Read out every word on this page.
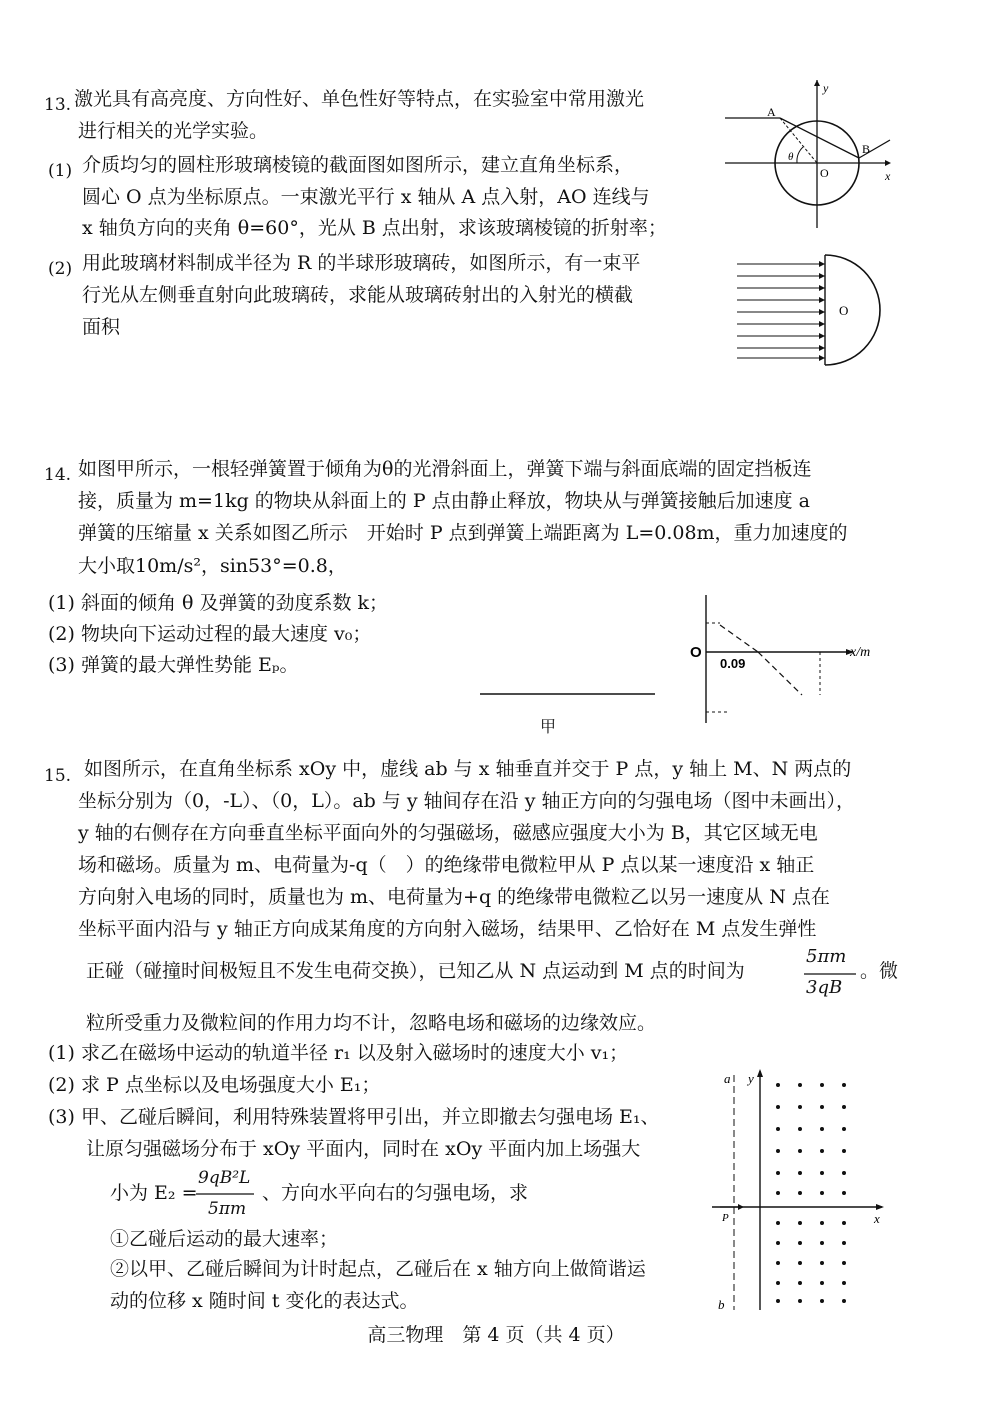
13. 激光具有高亮度、方向性好、单色性好等特点，在实验室中常用激光
进行相关的光学实验。
(1) 介质均匀的圆柱形玻璃棱镜的截面图如图所示，建立直角坐标系，
圆心 O 点为坐标原点。一束激光平行 x 轴从 A 点入射，AO 连线与
x 轴负方向的夹角 θ=60°，光从 B 点出射，求该玻璃棱镜的折射率；
(2) 用此玻璃材料制成半径为 R 的半球形玻璃砖，如图所示，有一束平
行光从左侧垂直射向此玻璃砖，求能从玻璃砖射出的入射光的横截
面积
A
B
O	x
y
θ
O
14. 如图甲所示，一根轻弹簧置于倾角为θ的光滑斜面上，弹簧下端与斜面底端的固定挡板连
接，质量为 m=1kg 的物块从斜面上的 P 点由静止释放，物块从与弹簧接触后加速度 a
弹簧的压缩量 x 关系如图乙所示　开始时 P 点到弹簧上端距离为 L=0.08m，重力加速度的
大小取10m/s²，sin53°=0.8，
(1) 斜面的倾角 θ 及弹簧的劲度系数 k；
(2) 物块向下运动过程的最大速度 v₀；
(3) 弹簧的最大弹性势能 Eₚ。
甲
O
0.09
x/m
15. 如图所示，在直角坐标系 xOy 中，虚线 ab 与 x 轴垂直并交于 P 点，y 轴上 M、N 两点的
坐标分别为（0，-L）、（0，L）。ab 与 y 轴间存在沿 y 轴正方向的匀强电场（图中未画出），
y 轴的右侧存在方向垂直坐标平面向外的匀强磁场，磁感应强度大小为 B，其它区域无电
场和磁场。质量为 m、电荷量为-q（　）的绝缘带电微粒甲从 P 点以某一速度沿 x 轴正
方向射入电场的同时，质量也为 m、电荷量为+q 的绝缘带电微粒乙以另一速度从 N 点在
坐标平面内沿与 y 轴正方向成某角度的方向射入磁场，结果甲、乙恰好在 M 点发生弹性
正碰（碰撞时间极短且不发生电荷交换），已知乙从 N 点运动到 M 点的时间为
5πm
3qB
。微
粒所受重力及微粒间的作用力均不计，忽略电场和磁场的边缘效应。
(1) 求乙在磁场中运动的轨道半径 r₁ 以及射入磁场时的速度大小 v₁；
(2) 求 P 点坐标以及电场强度大小 E₁；
(3) 甲、乙碰后瞬间，利用特殊装置将甲引出，并立即撤去匀强电场 E₁、
让原匀强磁场分布于 xOy 平面内，同时在 xOy 平面内加上场强大
小为 E₂ =
9qB²L
5πm
、方向水平向右的匀强电场，求
①乙碰后运动的最大速率；
②以甲、乙碰后瞬间为计时起点，乙碰后在 x 轴方向上做简谐运
动的位移 x 随时间 t 变化的表达式。
a
b
y
x
P
高三物理　第 4 页（共 4 页）
